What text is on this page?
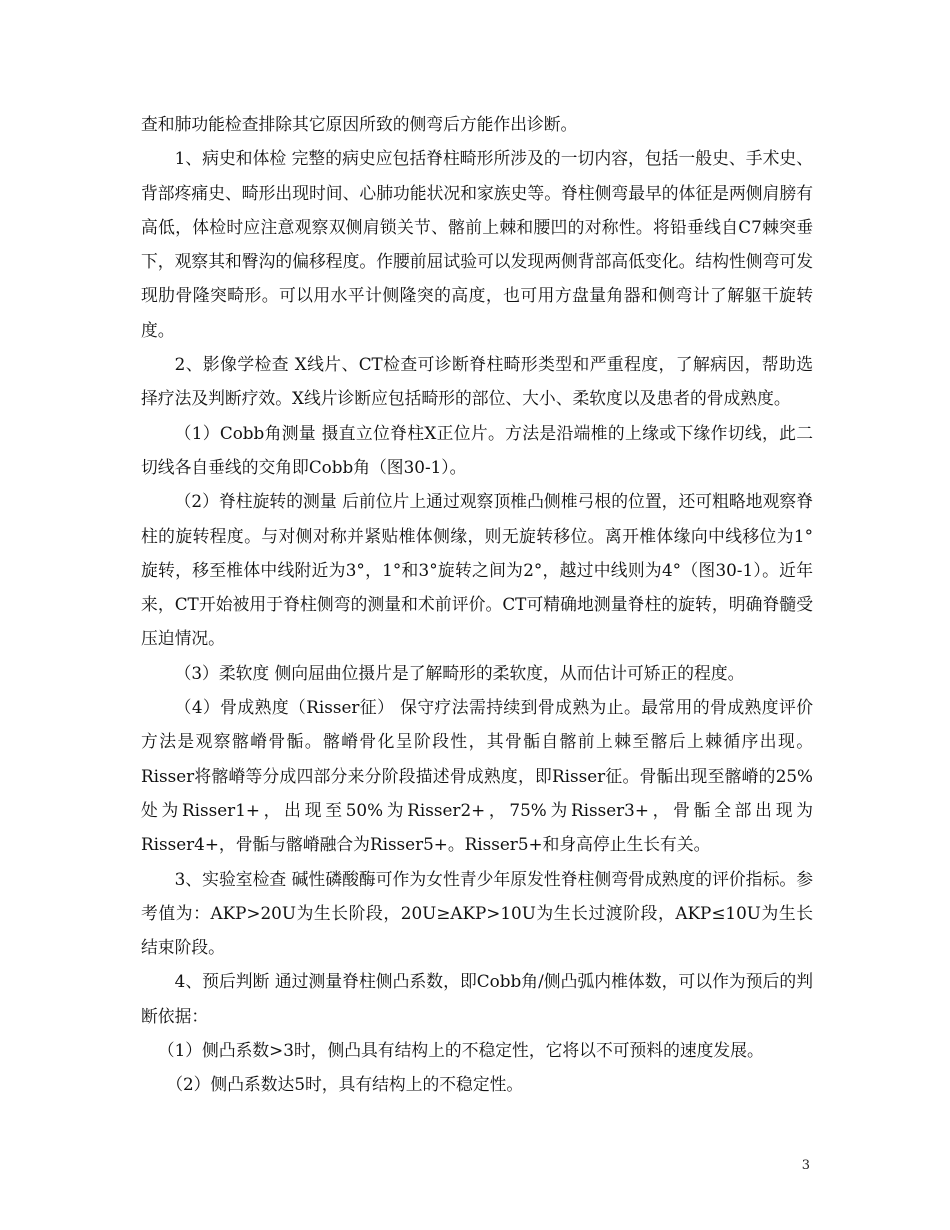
查和肺功能检查排除其它原因所致的侧弯后方能作出诊断。

1、病史和体检 完整的病史应包括脊柱畸形所涉及的一切内容，包括一般史、手术史、背部疼痛史、畸形出现时间、心肺功能状况和家族史等。脊柱侧弯最早的体征是两侧肩膀有高低，体检时应注意观察双侧肩锁关节、髂前上棘和腰凹的对称性。将铅垂线自C7棘突垂下，观察其和臀沟的偏移程度。作腰前屈试验可以发现两侧背部高低变化。结构性侧弯可发现肋骨隆突畸形。可以用水平计侧隆突的高度，也可用方盘量角器和侧弯计了解躯干旋转度。

2、影像学检查 X线片、CT检查可诊断脊柱畸形类型和严重程度，了解病因，帮助选择疗法及判断疗效。X线片诊断应包括畸形的部位、大小、柔软度以及患者的骨成熟度。

（1）Cobb角测量 摄直立位脊柱X正位片。方法是沿端椎的上缘或下缘作切线，此二切线各自垂线的交角即Cobb角（图30-1）。

（2）脊柱旋转的测量 后前位片上通过观察顶椎凸侧椎弓根的位置，还可粗略地观察脊柱的旋转程度。与对侧对称并紧贴椎体侧缘，则无旋转移位。离开椎体缘向中线移位为1°旋转，移至椎体中线附近为3°，1°和3°旋转之间为2°，越过中线则为4°（图30-1）。近年来，CT开始被用于脊柱侧弯的测量和术前评价。CT可精确地测量脊柱的旋转，明确脊髓受压迫情况。

（3）柔软度 侧向屈曲位摄片是了解畸形的柔软度，从而估计可矫正的程度。

（4）骨成熟度（Risser征） 保守疗法需持续到骨成熟为止。最常用的骨成熟度评价方法是观察髂嵴骨骺。髂嵴骨化呈阶段性，其骨骺自髂前上棘至髂后上棘循序出现。Risser将髂嵴等分成四部分来分阶段描述骨成熟度，即Risser征。骨骺出现至髂嵴的25%处为Risser1+，出现至50%为Risser2+，75%为Risser3+，骨骺全部出现为Risser4+，骨骺与髂嵴融合为Risser5+。Risser5+和身高停止生长有关。

3、实验室检查 碱性磷酸酶可作为女性青少年原发性脊柱侧弯骨成熟度的评价指标。参考值为：AKP>20U为生长阶段，20U≥AKP>10U为生长过渡阶段，AKP≤10U为生长结束阶段。

4、预后判断 通过测量脊柱侧凸系数，即Cobb角/侧凸弧内椎体数，可以作为预后的判断依据：

（1）侧凸系数>3时，侧凸具有结构上的不稳定性，它将以不可预料的速度发展。

（2）侧凸系数达5时，具有结构上的不稳定性。

3
